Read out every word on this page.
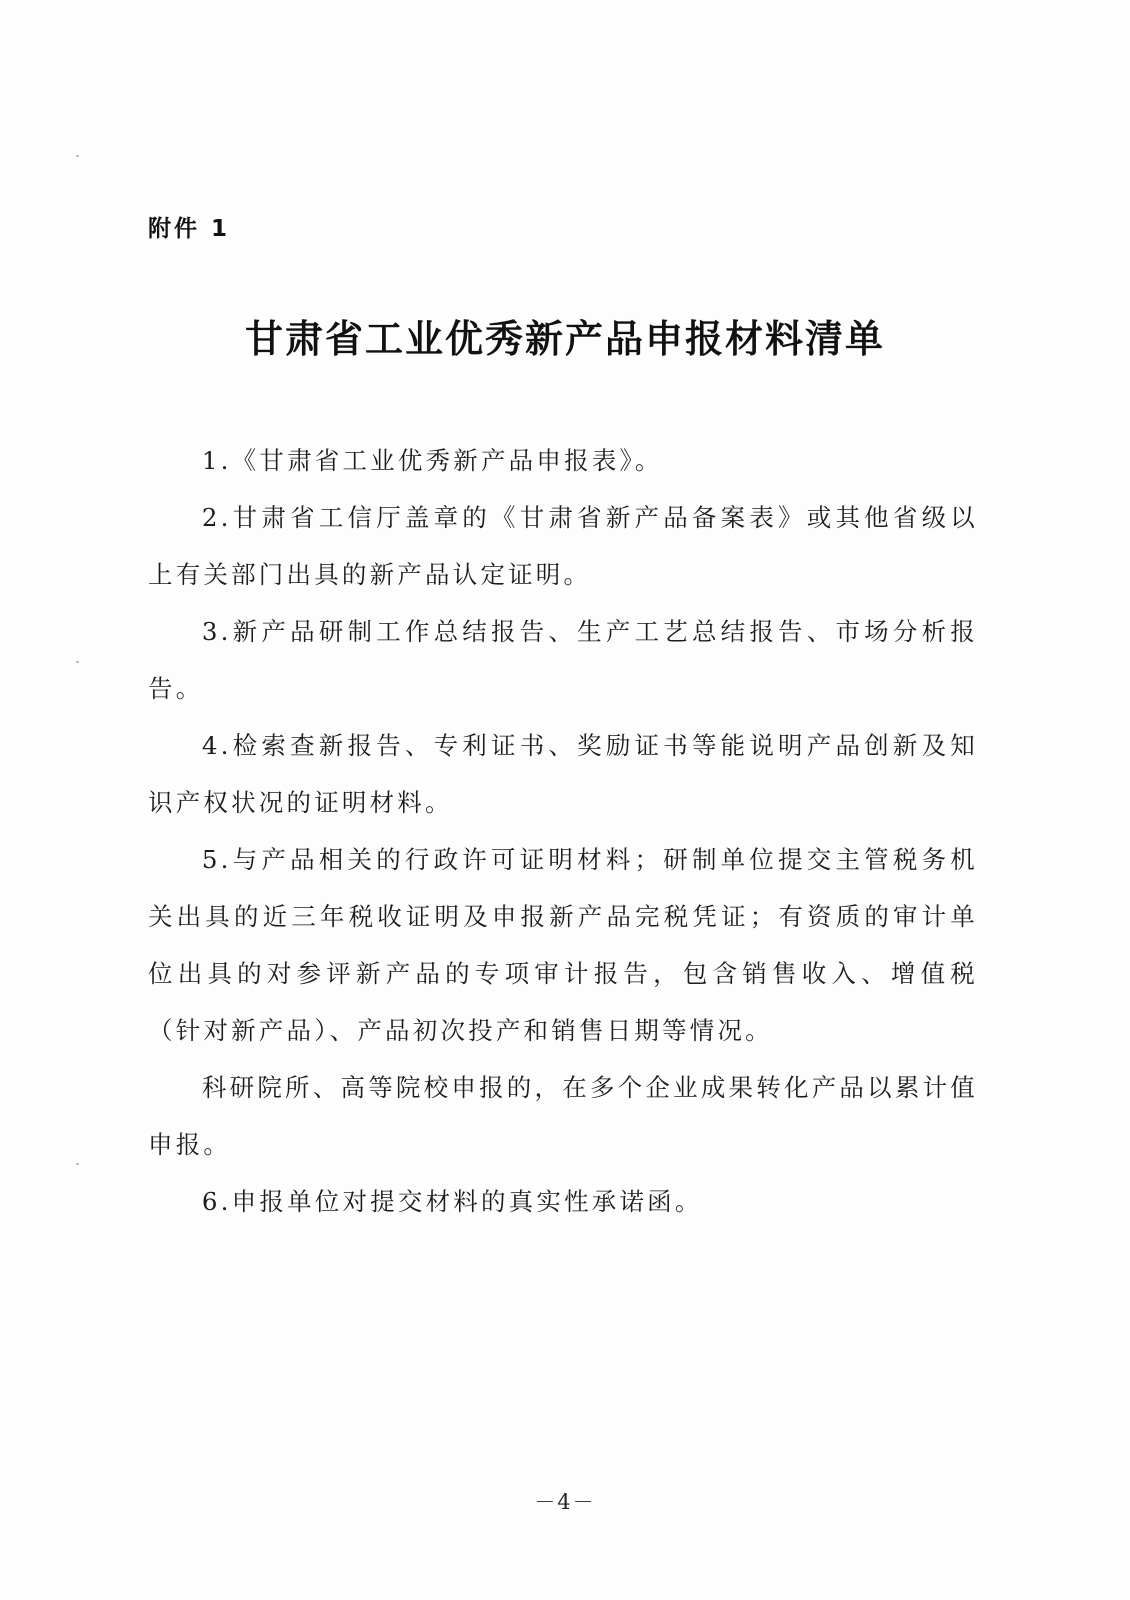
附件 1

甘肃省工业优秀新产品申报材料清单

1.《甘肃省工业优秀新产品申报表》。

2.甘肃省工信厅盖章的《甘肃省新产品备案表》或其他省级以上有关部门出具的新产品认定证明。

3.新产品研制工作总结报告、生产工艺总结报告、市场分析报告。

4.检索查新报告、专利证书、奖励证书等能说明产品创新及知识产权状况的证明材料。

5.与产品相关的行政许可证明材料；研制单位提交主管税务机关出具的近三年税收证明及申报新产品完税凭证；有资质的审计单位出具的对参评新产品的专项审计报告，包含销售收入、增值税（针对新产品）、产品初次投产和销售日期等情况。

科研院所、高等院校申报的，在多个企业成果转化产品以累计值申报。

6.申报单位对提交材料的真实性承诺函。

－4－
